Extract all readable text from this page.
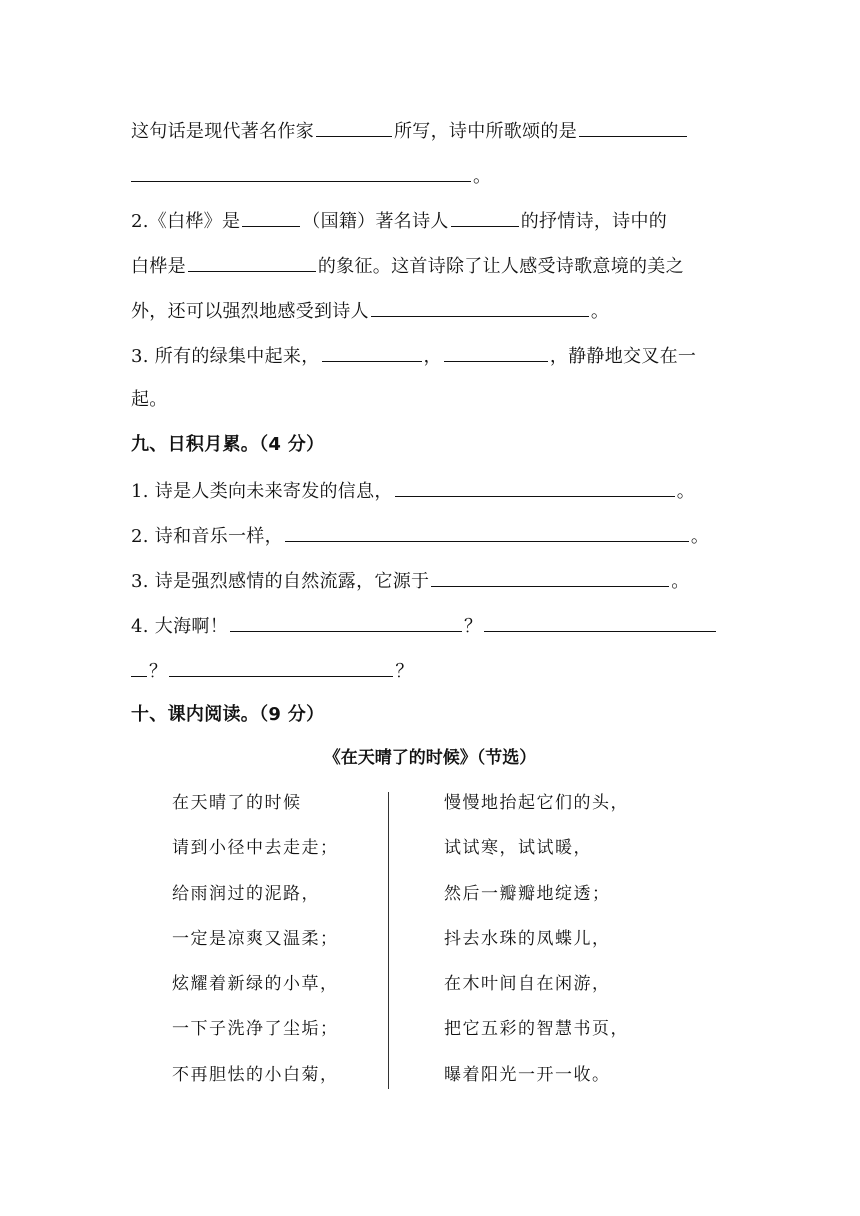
这句话是现代著名作家	所写，诗中所歌颂的是
。
2.《白桦》是	（国籍）著名诗人	的抒情诗，诗中的
白桦是	的象征。这首诗除了让人感受诗歌意境的美之
外，还可以强烈地感受到诗人	。
3. 所有的绿集中起来，	，	，静静地交叉在一
起。
九、日积月累。（4 分）
1. 诗是人类向未来寄发的信息，	。
2. 诗和音乐一样，	。
3. 诗是强烈感情的自然流露，它源于	。
4. 大海啊！	？
？	？
十、课内阅读。（9 分）
《在天晴了的时候》（节选）
在天晴了的时候
请到小径中去走走；
给雨润过的泥路，
一定是凉爽又温柔；
炫耀着新绿的小草，
一下子洗净了尘垢；
不再胆怯的小白菊，
慢慢地抬起它们的头，
试试寒，试试暖，
然后一瓣瓣地绽透；
抖去水珠的凤蝶儿，
在木叶间自在闲游，
把它五彩的智慧书页，
曝着阳光一开一收。
